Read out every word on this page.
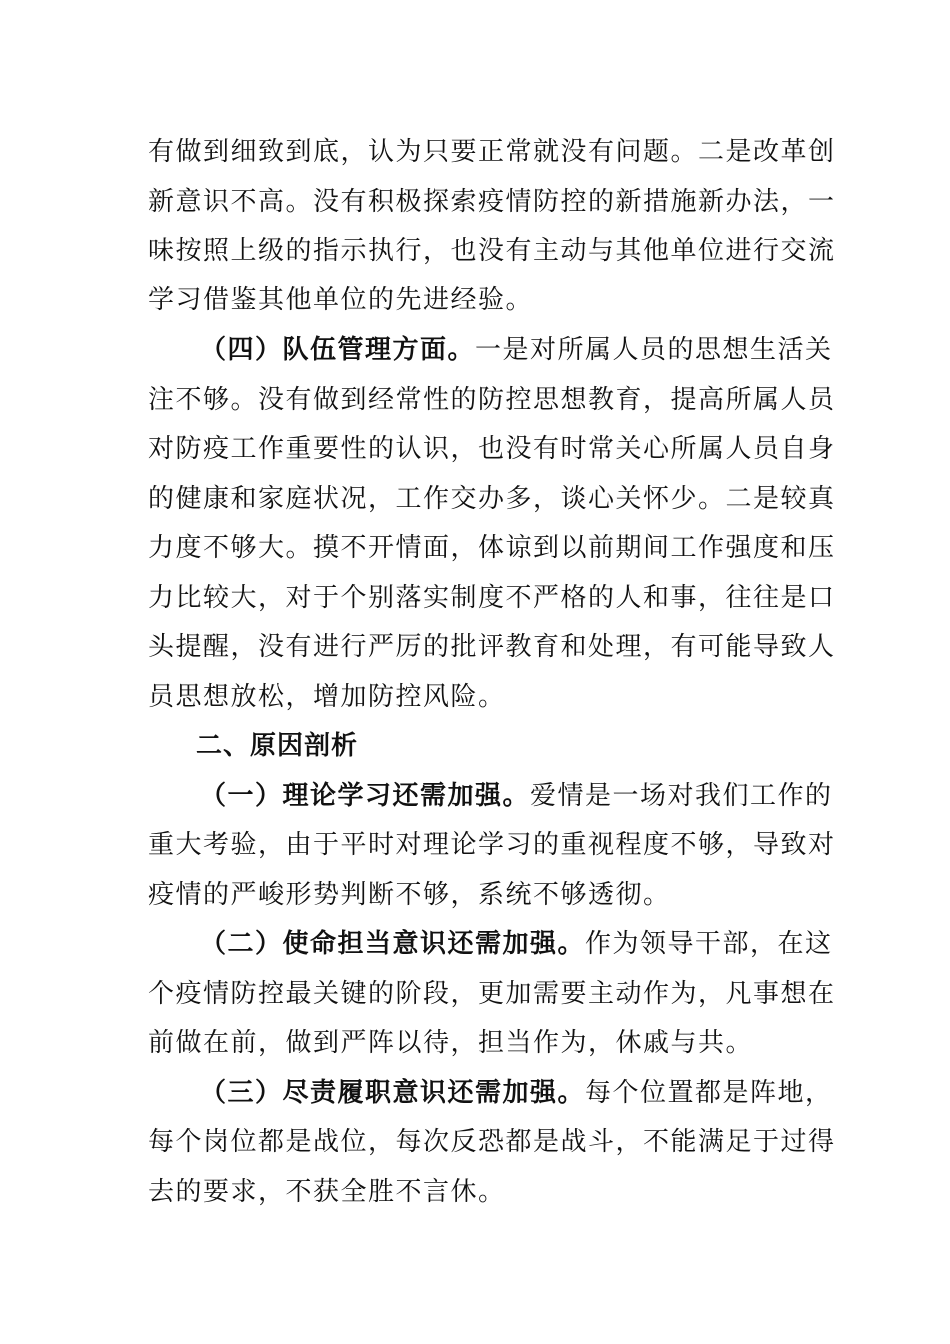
有做到细致到底，认为只要正常就没有问题。二是改革创
新意识不高。没有积极探索疫情防控的新措施新办法，一
味按照上级的指示执行，也没有主动与其他单位进行交流
学习借鉴其他单位的先进经验。
（四）队伍管理方面。一是对所属人员的思想生活关
注不够。没有做到经常性的防控思想教育，提高所属人员
对防疫工作重要性的认识，也没有时常关心所属人员自身
的健康和家庭状况，工作交办多，谈心关怀少。二是较真
力度不够大。摸不开情面，体谅到以前期间工作强度和压
力比较大，对于个别落实制度不严格的人和事，往往是口
头提醒，没有进行严厉的批评教育和处理，有可能导致人
员思想放松，增加防控风险。
二、原因剖析
（一）理论学习还需加强。爱情是一场对我们工作的
重大考验，由于平时对理论学习的重视程度不够，导致对
疫情的严峻形势判断不够，系统不够透彻。
（二）使命担当意识还需加强。作为领导干部，在这
个疫情防控最关键的阶段，更加需要主动作为，凡事想在
前做在前，做到严阵以待，担当作为，休戚与共。
（三）尽责履职意识还需加强。每个位置都是阵地，
每个岗位都是战位，每次反恐都是战斗，不能满足于过得
去的要求，不获全胜不言休。
